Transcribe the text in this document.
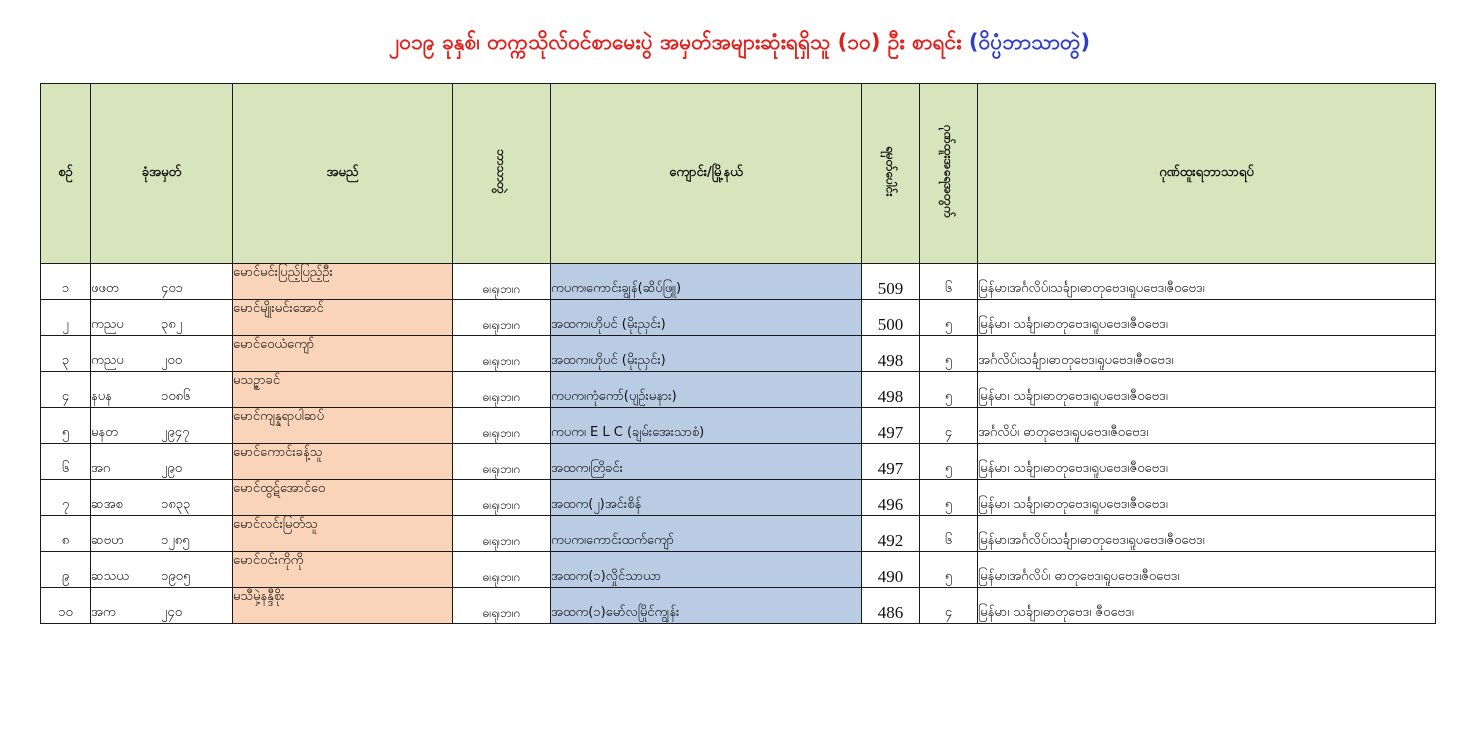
၂၀၁၉ ခုနှစ်၊ တက္ကသိုလ်ဝင်စာမေးပွဲ အမှတ်အများဆုံးရရှိသူ (၁၀) ဦး စာရင်း (ဝိပ္ပံဘာသာတွဲ)
စဉ်	ခုံအမှတ်	အမည်	ဘာသာတွဲ	ကျောင်း/မြို့နယ်	ရမှတ်ပေါင်း	ဂုဏ်ထူးအရေအတွက်	ဂုဏ်ထူးရဘာသာရပ်
၁	ဖဖတ ၄၀၁	မောင်မင်းပြည့်ပြည့်ဦး	ဓ၊ရု၊ဘ၊ဂ	ကပက၊ကောင်းချွန်(ဆိပ်ဖြူ)	509	၆	မြန်မာ၊အင်္ဂလိပ်၊သင်္ချာ၊ဓာတုဗေဒ၊ရူပဗေဒ၊ဇီဝဗေဒ၊
၂	ကညပ ၃၈၂	မောင်မျိုးမင်းအောင်	ဓ၊ရု၊ဘ၊ဂ	အထက၊ဟိုပင် (မိုးညှင်း)	500	၅	မြန်မာ၊ သင်္ချာ၊ဓာတုဗေဒ၊ရူပဗေဒ၊ဇီဝဗေဒ၊
၃	ကညပ ၂၀၀	မောင်ဝေယံကျော်	ဓ၊ရု၊ဘ၊ဂ	အထက၊ဟိုပင် (မိုးညှင်း)	498	၅	အင်္ဂလိပ်၊သင်္ချာ၊ဓာတုဗေဒ၊ရူပဗေဒ၊ဇီဝဗေဒ၊
၄	နပန ၁၀၈၆	မသဉ္ဇာခင်	ဓ၊ရု၊ဘ၊ဂ	ကပက၊ကုံကော်(ပျဉ်းမနား)	498	၅	မြန်မာ၊ သင်္ချာ၊ဓာတုဗေဒ၊ရူပဗေဒ၊ဇီဝဗေဒ၊
၅	မနတ ၂၉၄၇	မောင်ကျန္နရာပါဆပ်	ဓ၊ရု၊ဘ၊ဂ	ကပက၊ E L C (ချမ်းအေးသာစံ)	497	၄	အင်္ဂလိပ်၊ ဓာတုဗေဒ၊ရူပဗေဒ၊ဇီဝဗေဒ၊
၆	အဂ ၂၉၀	မောင်ကောင်းခန့်သူ	ဓ၊ရု၊ဘ၊ဂ	အထက၊တြိခင်း	497	၅	မြန်မာ၊ သင်္ချာ၊ဓာတုဗေဒ၊ရူပဗေဒ၊ဇီဝဗေဒ၊
၇	ဆအစ ၁၈၃၃	မောင်ထွဋ်အောင်ဝေ	ဓ၊ရု၊ဘ၊ဂ	အထက(၂)အင်းစိန်	496	၅	မြန်မာ၊ သင်္ချာ၊ဓာတုဗေဒ၊ရူပဗေဒ၊ဇီဝဗေဒ၊
၈	ဆဗဟ ၁၂၈၅	မောင်လင်းမြတ်သူ	ဓ၊ရု၊ဘ၊ဂ	ကပက၊ကောင်းထက်ကျော်	492	၆	မြန်မာ၊အင်္ဂလိပ်၊သင်္ချာ၊ဓာတုဗေဒ၊ရူပဗေဒ၊ဇီဝဗေဒ၊
၉	ဆသယ ၁၉၀၅	မောင်ဝင်းကိုကို	ဓ၊ရု၊ဘ၊ဂ	အထက(၁)လှိုင်သာယာ	490	၅	မြန်မာ၊အင်္ဂလိပ်၊ ဓာတုဗေဒ၊ရူပဗေဒ၊ဇီဝဗေဒ၊
၁၀	အက ၂၄၀	မသီမှဲ့နန္ဒီစိုး	ဓ၊ရု၊ဘ၊ဂ	အထက(၁)မော်လမြိုင်ကျွန်း	486	၄	မြန်မာ၊ သင်္ချာ၊ဓာတုဗေဒ၊ ဇီဝဗေဒ၊
